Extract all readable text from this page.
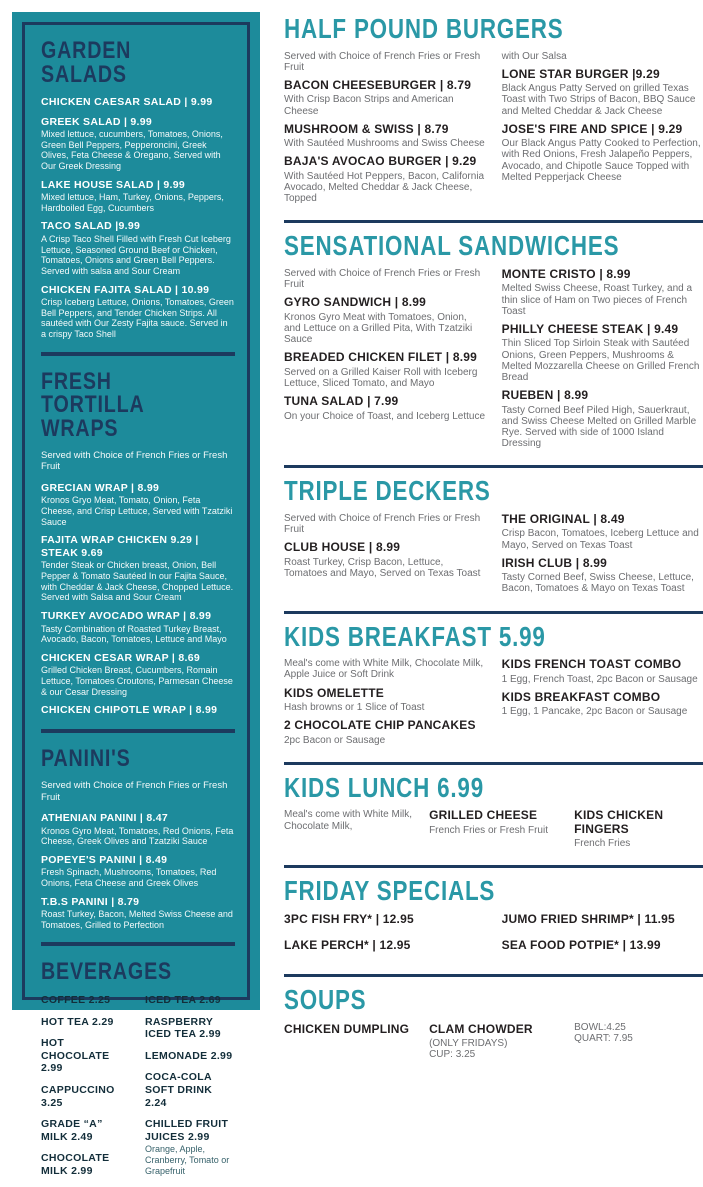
GARDEN SALADS
CHICKEN CAESAR SALAD | 9.99
GREEK SALAD | 9.99
Mixed lettuce, cucumbers, Tomatoes, Onions, Green Bell Peppers, Pepperoncini, Greek Olives, Feta Cheese & Oregano, Served with Our Greek Dressing
LAKE HOUSE SALAD | 9.99
Mixed lettuce, Ham, Turkey, Onions, Peppers, Hardboiled Egg, Cucumbers
TACO SALAD |9.99
A Crisp Taco Shell Filled with Fresh Cut Iceberg Lettuce, Seasoned Ground Beef or Chicken, Tomatoes, Onions and Green Bell Peppers. Served with salsa and Sour Cream
CHICKEN FAJITA SALAD | 10.99
Crisp Iceberg Lettuce, Onions, Tomatoes, Green Bell Peppers, and Tender Chicken Strips. All sautéed with Our Zesty Fajita sauce. Served in a crispy Taco Shell
FRESH TORTILLA WRAPS

Served with Choice of French Fries or Fresh Fruit

GRECIAN WRAP | 8.99
Kronos Gryo Meat, Tomato, Onion, Feta Cheese, and Crisp Lettuce, Served with Tzatziki Sauce
FAJITA WRAP CHICKEN 9.29 | STEAK 9.69
Tender Steak or Chicken breast, Onion, Bell Pepper & Tomato Sautéed In our Fajita Sauce, with Cheddar & Jack Cheese, Chopped Lettuce. Served with Salsa and Sour Cream
TURKEY AVOCADO WRAP | 8.99
Tasty Combination of Roasted Turkey Breast, Avocado, Bacon, Tomatoes, Lettuce and Mayo
CHICKEN CESAR WRAP | 8.69
Grilled Chicken Breast, Cucumbers, Romain Lettuce, Tomatoes Croutons, Parmesan Cheese & our Cesar Dressing
CHICKEN CHIPOTLE WRAP | 8.99
PANINI'S

Served with Choice of French Fries or Fresh Fruit

ATHENIAN PANINI | 8.47
Kronos Gyro Meat, Tomatoes, Red Onions, Feta Cheese, Greek Olives and Tzatziki Sauce
POPEYE'S PANINI | 8.49
Fresh Spinach, Mushrooms, Tomatoes, Red Onions, Feta Cheese and Greek Olives
T.B.S PANINI | 8.79
Roast Turkey, Bacon, Melted Swiss Cheese and Tomatoes, Grilled to Perfection
BEVERAGES
COFFEE 2.25
HOT TEA 2.29
HOT CHOCOLATE 2.99
CAPPUCCINO 3.25
GRADE “A” MILK 2.49
CHOCOLATE MILK 2.99
ICED TEA 2.69
RASPBERRY ICED TEA 2.99
LEMONADE 2.99
COCA-COLA SOFT DRINK 2.24
CHILLED FRUIT JUICES 2.99
Orange, Apple, Cranberry, Tomato or Grapefruit
HALF POUND BURGERS
Served with Choice of French Fries or Fresh Fruit
BACON CHEESEBURGER | 8.79
With Crisp Bacon Strips and American Cheese
MUSHROOM & SWISS | 8.79
With Sautéed Mushrooms and Swiss Cheese
BAJA'S AVOCAO BURGER | 9.29
With Sautéed Hot Peppers, Bacon, California Avocado, Melted Cheddar & Jack Cheese, Topped
with Our Salsa
LONE STAR BURGER |9.29
Black Angus Patty Served on grilled Texas Toast with Two Strips of Bacon, BBQ Sauce and Melted Cheddar & Jack Cheese
JOSE'S FIRE AND SPICE | 9.29
Our Black Angus Patty Cooked to Perfection, with Red Onions, Fresh Jalapeño Peppers, Avocado, and Chipotle Sauce Topped with Melted Pepperjack Cheese
SENSATIONAL SANDWICHES
Served with Choice of French Fries or Fresh Fruit
GYRO SANDWICH | 8.99
Kronos Gyro Meat with Tomatoes, Onion, and Lettuce on a Grilled Pita, With Tzatziki Sauce
BREADED CHICKEN FILET | 8.99
Served on a Grilled Kaiser Roll with Iceberg Lettuce, Sliced Tomato, and Mayo
TUNA SALAD | 7.99
On your Choice of Toast, and Iceberg Lettuce
MONTE CRISTO | 8.99
Melted Swiss Cheese, Roast Turkey, and a thin slice of Ham on Two pieces of French Toast
PHILLY CHEESE STEAK | 9.49
Thin Sliced Top Sirloin Steak with Sautéed Onions, Green Peppers, Mushrooms & Melted Mozzarella Cheese on Grilled French Bread
RUEBEN | 8.99
Tasty Corned Beef Piled High, Sauerkraut, and Swiss Cheese Melted on Grilled Marble Rye. Served with side of 1000 Island Dressing
TRIPLE DECKERS
Served with Choice of French Fries or Fresh Fruit
CLUB HOUSE | 8.99
Roast Turkey, Crisp Bacon, Lettuce, Tomatoes and Mayo, Served on Texas Toast
THE ORIGINAL | 8.49
Crisp Bacon, Tomatoes, Iceberg Lettuce and Mayo, Served on Texas Toast
IRISH CLUB | 8.99
Tasty Corned Beef, Swiss Cheese, Lettuce, Bacon, Tomatoes & Mayo on Texas Toast
KIDS BREAKFAST 5.99
Meal's come with White Milk, Chocolate Milk, Apple Juice or Soft Drink
KIDS OMELETTE
Hash browns or 1 Slice of Toast
2 CHOCOLATE CHIP PANCAKES
2pc Bacon or Sausage
KIDS FRENCH TOAST COMBO
1 Egg, French Toast, 2pc Bacon or Sausage
KIDS BREAKFAST COMBO
1 Egg, 1 Pancake, 2pc Bacon or Sausage
KIDS LUNCH 6.99
Meal's come with White Milk, Chocolate Milk,
GRILLED CHEESE
French Fries or Fresh Fruit
KIDS CHICKEN FINGERS
French Fries
FRIDAY SPECIALS
3PC FISH FRY* | 12.95
LAKE PERCH* | 12.95
JUMO FRIED SHRIMP* | 11.95
SEA FOOD POTPIE* | 13.99
SOUPS
CHICKEN DUMPLING	CLAM CHOWDER
(ONLY FRIDAYS)
CUP: 3.25
BOWL:4.25
QUART: 7.95
